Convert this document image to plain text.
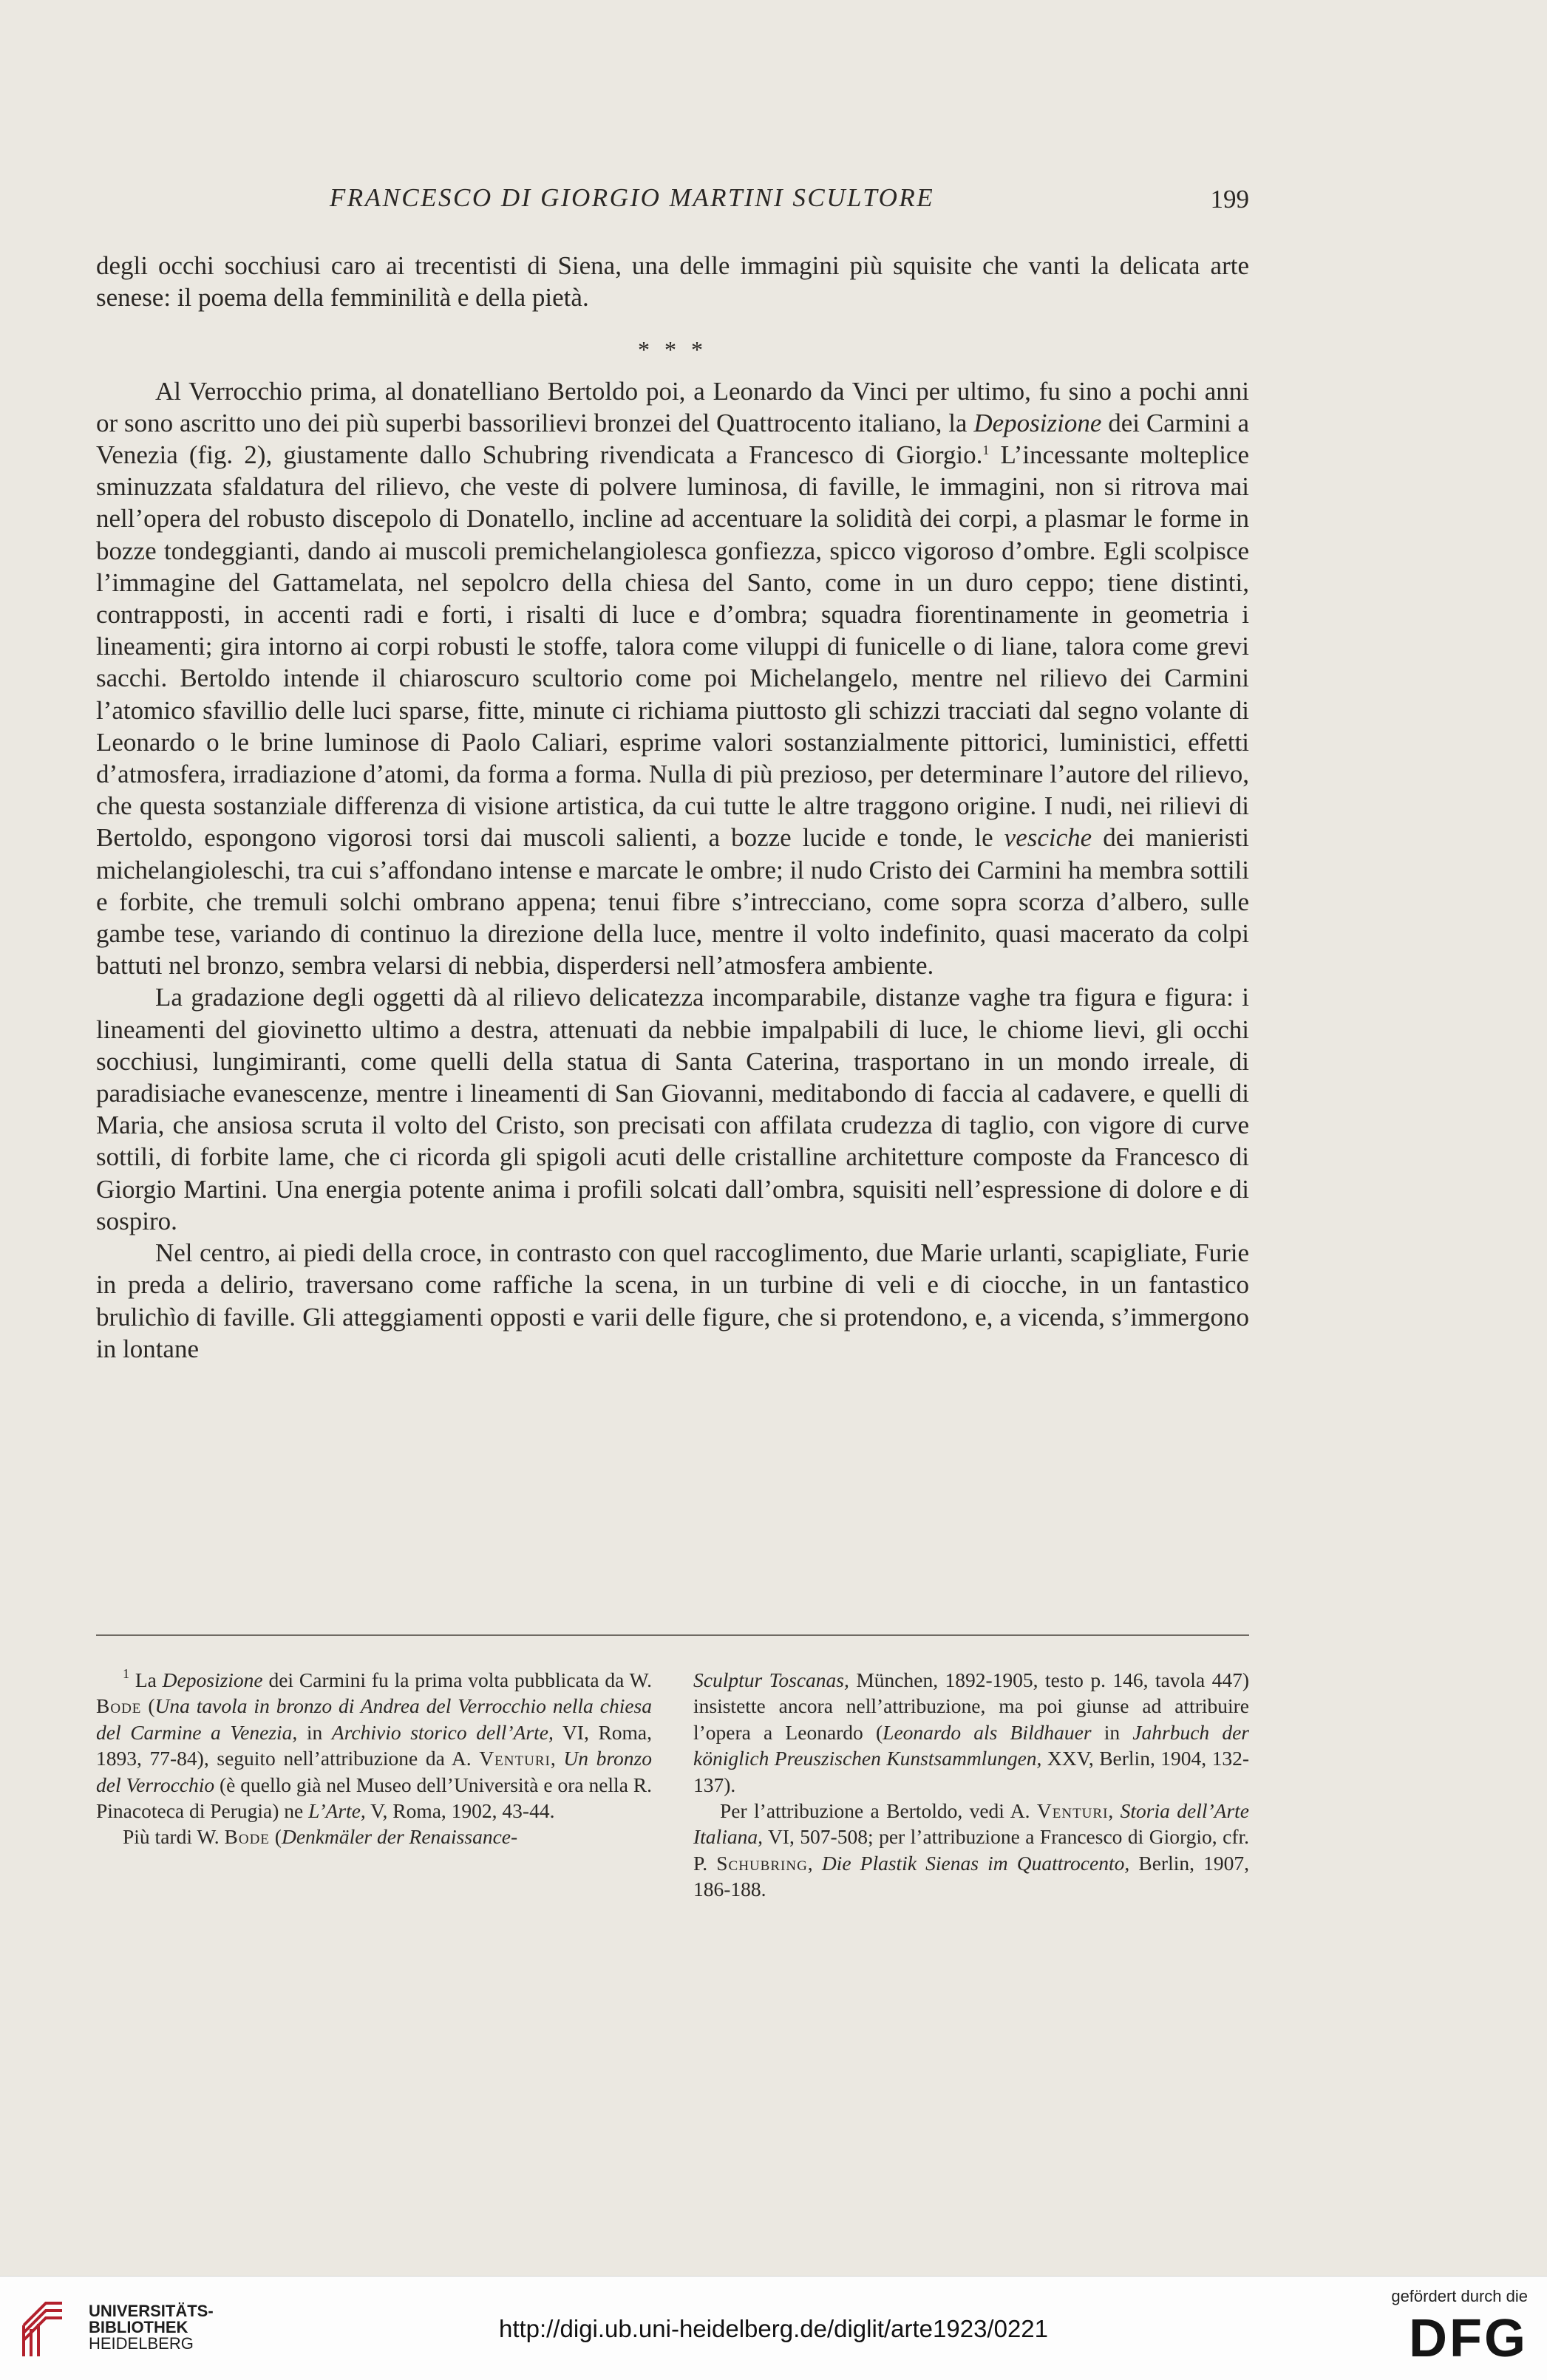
FRANCESCO DI GIORGIO MARTINI SCULTORE	199

degli occhi socchiusi caro ai trecentisti di Siena, una delle immagini più squisite che vanti la delicata arte senese: il poema della femminilità e della pietà.

* * *

Al Verrocchio prima, al donatelliano Bertoldo poi, a Leonardo da Vinci per ultimo, fu sino a pochi anni or sono ascritto uno dei più superbi bassorilievi bronzei del Quattrocento italiano, la Deposizione dei Carmini a Venezia (fig. 2), giustamente dallo Schubring rivendicata a Francesco di Giorgio.$^1$ L’incessante molteplice sminuzzata sfaldatura del rilievo, che veste di polvere luminosa, di faville, le immagini, non si ritrova mai nell’opera del robusto discepolo di Donatello, incline ad accentuare la solidità dei corpi, a plasmar le forme in bozze tondeggianti, dando ai muscoli premichelangiolesca gonfiezza, spicco vigoroso d’ombre. Egli scolpisce l’immagine del Gattamelata, nel sepolcro della chiesa del Santo, come in un duro ceppo; tiene distinti, contrapposti, in accenti radi e forti, i risalti di luce e d’ombra; squadra fiorentinamente in geometria i lineamenti; gira intorno ai corpi robusti le stoffe, talora come viluppi di funicelle o di liane, talora come grevi sacchi. Bertoldo intende il chiaroscuro scultorio come poi Michelangelo, mentre nel rilievo dei Carmini l’atomico sfavillio delle luci sparse, fitte, minute ci richiama piuttosto gli schizzi tracciati dal segno volante di Leonardo o le brine luminose di Paolo Caliari, esprime valori sostanzialmente pittorici, luministici, effetti d’atmosfera, irradiazione d’atomi, da forma a forma. Nulla di più prezioso, per determinare l’autore del rilievo, che questa sostanziale differenza di visione artistica, da cui tutte le altre traggono origine. I nudi, nei rilievi di Bertoldo, espongono vigorosi torsi dai muscoli salienti, a bozze lucide e tonde, le vesciche dei manieristi michelangioleschi, tra cui s’affondano intense e marcate le ombre; il nudo Cristo dei Carmini ha membra sottili e forbite, che tremuli solchi ombrano appena; tenui fibre s’intrecciano, come sopra scorza d’albero, sulle gambe tese, variando di continuo la direzione della luce, mentre il volto indefinito, quasi macerato da colpi battuti nel bronzo, sembra velarsi di nebbia, disperdersi nell’atmosfera ambiente.

La gradazione degli oggetti dà al rilievo delicatezza incomparabile, distanze vaghe tra figura e figura: i lineamenti del giovinetto ultimo a destra, attenuati da nebbie impalpabili di luce, le chiome lievi, gli occhi socchiusi, lungimiranti, come quelli della statua di Santa Caterina, trasportano in un mondo irreale, di paradisiache evanescenze, mentre i lineamenti di San Giovanni, meditabondo di faccia al cadavere, e quelli di Maria, che ansiosa scruta il volto del Cristo, son precisati con affilata crudezza di taglio, con vigore di curve sottili, di forbite lame, che ci ricorda gli spigoli acuti delle cristalline architetture composte da Francesco di Giorgio Martini. Una energia potente anima i profili solcati dall’ombra, squisiti nell’espressione di dolore e di sospiro.

Nel centro, ai piedi della croce, in contrasto con quel raccoglimento, due Marie urlanti, scapigliate, Furie in preda a delirio, traversano come raffiche la scena, in un turbine di veli e di ciocche, in un fantastico brulichìo di faville. Gli atteggiamenti opposti e varii delle figure, che si protendono, e, a vicenda, s’immergono in lontane

$^1$ La Deposizione dei Carmini fu la prima volta pubblicata da W. Bode (Una tavola in bronzo di Andrea del Verrocchio nella chiesa del Carmine a Venezia, in Archivio storico dell’Arte, VI, Roma, 1893, 77-84), seguito nell’attribuzione da A. Venturi, Un bronzo del Verrocchio (è quello già nel Museo dell’Università e ora nella R. Pinacoteca di Perugia) ne L’Arte, V, Roma, 1902, 43-44.

Più tardi W. Bode (Denkmäler der Renaissance-

Sculptur Toscanas, München, 1892-1905, testo p. 146, tavola 447) insistette ancora nell’attribuzione, ma poi giunse ad attribuire l’opera a Leonardo (Leonardo als Bildhauer in Jahrbuch der königlich Preuszischen Kunstsammlungen, XXV, Berlin, 1904, 132-137).

Per l’attribuzione a Bertoldo, vedi A. Venturi, Storia dell’Arte Italiana, VI, 507-508; per l’attribuzione a Francesco di Giorgio, cfr. P. Schubring, Die Plastik Sienas im Quattrocento, Berlin, 1907, 186-188.

UNIVERSITÄTS-
BIBLIOTHEK
HEIDELBERG
http://digi.ub.uni-heidelberg.de/diglit/arte1923/0221
gefördert durch die
DFG
